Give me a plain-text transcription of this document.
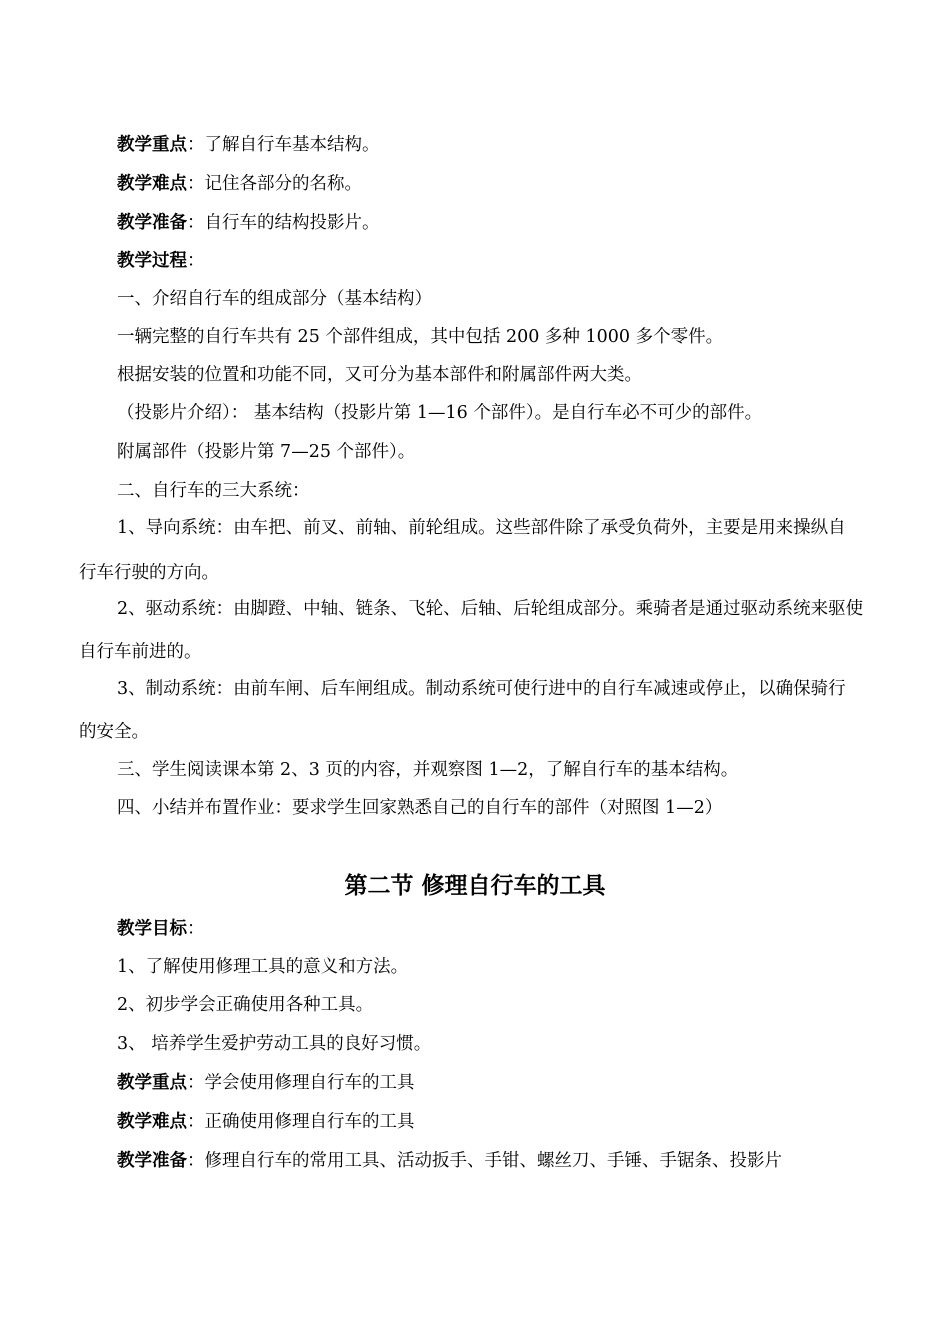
教学重点：了解自行车基本结构。
教学难点：记住各部分的名称。
教学准备：自行车的结构投影片。
教学过程：
一、介绍自行车的组成部分（基本结构）
一辆完整的自行车共有 25 个部件组成，其中包括 200 多种 1000 多个零件。
根据安装的位置和功能不同，又可分为基本部件和附属部件两大类。
（投影片介绍）： 基本结构（投影片第 1—16 个部件）。是自行车必不可少的部件。
附属部件（投影片第 7—25 个部件）。
二、自行车的三大系统：
1、导向系统：由车把、前叉、前轴、前轮组成。这些部件除了承受负荷外，主要是用来操纵自
行车行驶的方向。
2、驱动系统：由脚蹬、中轴、链条、飞轮、后轴、后轮组成部分。乘骑者是通过驱动系统来驱使
自行车前进的。
3、制动系统：由前车闸、后车闸组成。制动系统可使行进中的自行车减速或停止，以确保骑行
的安全。
三、学生阅读课本第 2、3 页的内容，并观察图 1—2，了解自行车的基本结构。
四、小结并布置作业：要求学生回家熟悉自己的自行车的部件（对照图 1—2）
第二节 修理自行车的工具
教学目标：
1、了解使用修理工具的意义和方法。
2、初步学会正确使用各种工具。
3、 培养学生爱护劳动工具的良好习惯。
教学重点：学会使用修理自行车的工具
教学难点：正确使用修理自行车的工具
教学准备：修理自行车的常用工具、活动扳手、手钳、螺丝刀、手锤、手锯条、投影片
